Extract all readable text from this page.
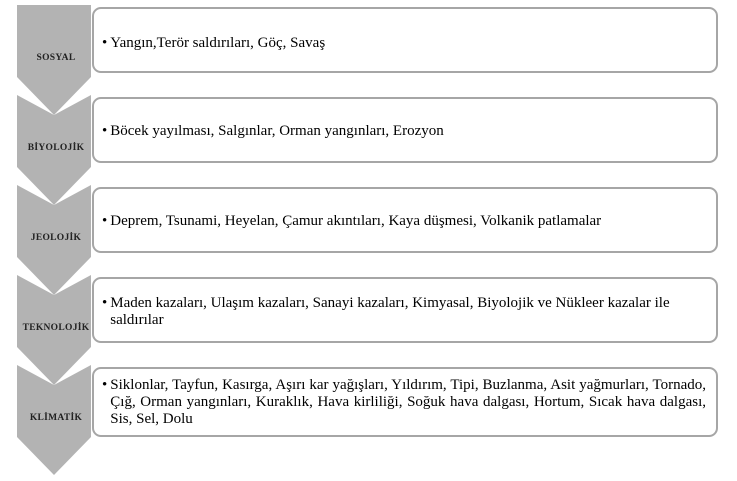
SOSYAL
BİYOLOJİK
JEOLOJİK
TEKNOLOJİK
KLİMATİK
• Yangın,Terör saldırıları, Göç, Savaş
• Böcek yayılması, Salgınlar, Orman yangınları, Erozyon
• Deprem, Tsunami, Heyelan, Çamur akıntıları, Kaya düşmesi, Volkanik patlamalar
• Maden kazaları, Ulaşım kazaları, Sanayi kazaları, Kimyasal, Biyolojik ve Nükleer kazalar ile saldırılar
• Siklonlar, Tayfun, Kasırga, Aşırı kar yağışları, Yıldırım, Tipi, Buzlanma, Asit yağmurları, Tornado, Çığ, Orman yangınları, Kuraklık, Hava kirliliği, Soğuk hava dalgası, Hortum, Sıcak hava dalgası, Sis, Sel, Dolu
